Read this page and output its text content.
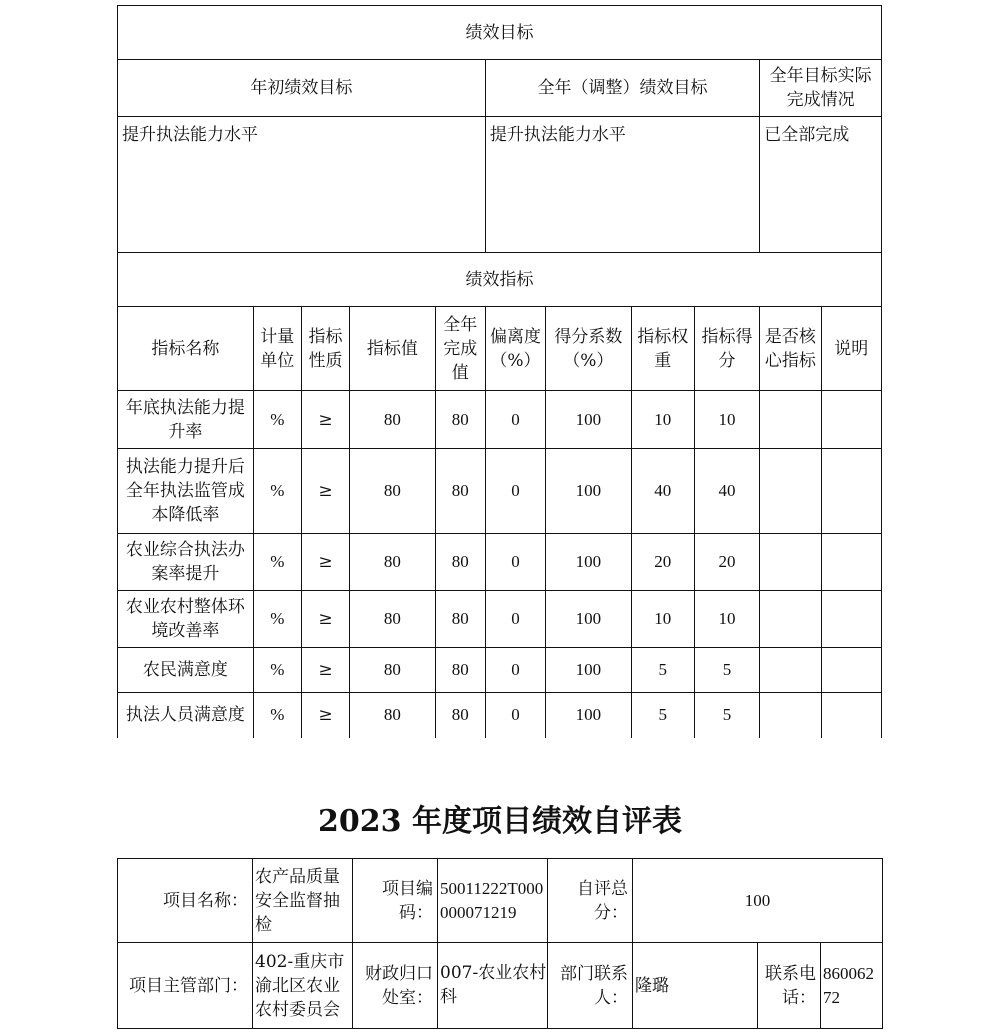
绩效目标										
年初绩效目标					全年（调整）绩效目标				全年目标实际完成情况	
提升执法能力水平					提升执法能力水平				已全部完成	
绩效指标										
指标名称	计量单位	指标性质	指标值	全年完成值	偏离度（%）	得分系数（%）	指标权重	指标得分	是否核心指标	说明
年底执法能力提升率	%	≥	80	80	0	100	10	10		
执法能力提升后全年执法监管成本降低率	%	≥	80	80	0	100	40	40		
农业综合执法办案率提升	%	≥	80	80	0	100	20	20		
农业农村整体环境改善率	%	≥	80	80	0	100	10	10		
农民满意度	%	≥	80	80	0	100	5	5		
执法人员满意度	%	≥	80	80	0	100	5	5		
2023 年度项目绩效自评表
项目名称：	农产品质量安全监督抽检	项目编码：	50011222T000000071219	自评总分：	100		
项目主管部门：	402-重庆市渝北区农业农村委员会	财政归口处室：	007-农业农村科	部门联系人：	隆璐	联系电话：	86006272
